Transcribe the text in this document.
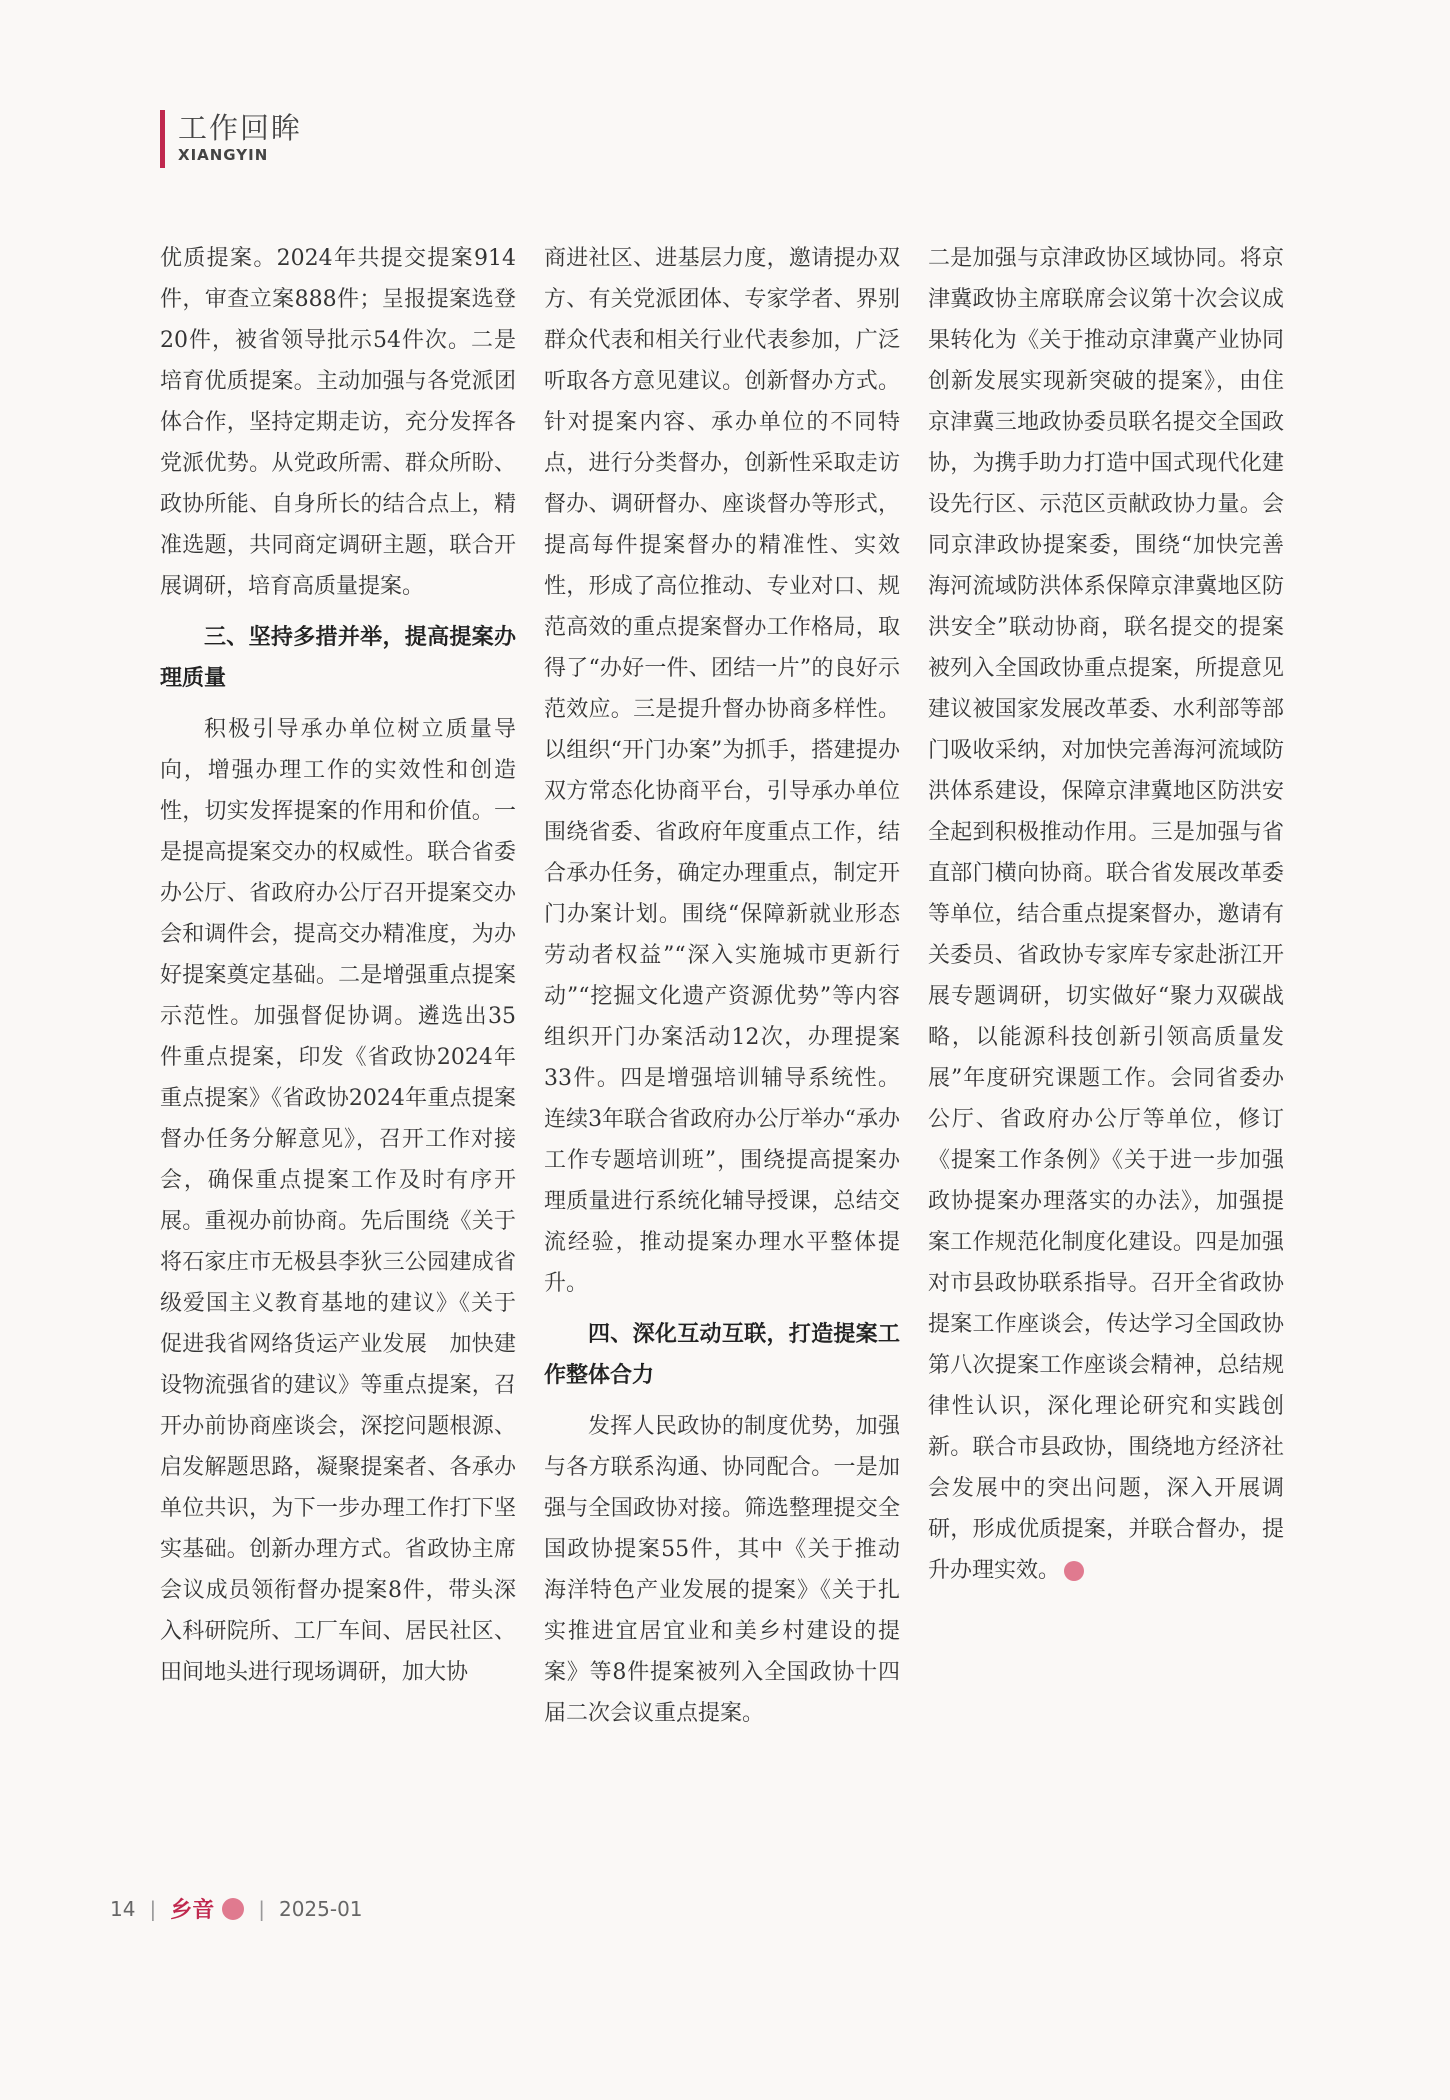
工作回眸
XIANGYIN

优质提案。2024年共提交提案914件，审查立案888件；呈报提案选登20件，被省领导批示54件次。二是培育优质提案。主动加强与各党派团体合作，坚持定期走访，充分发挥各党派优势。从党政所需、群众所盼、政协所能、自身所长的结合点上，精准选题，共同商定调研主题，联合开展调研，培育高质量提案。

三、坚持多措并举，提高提案办理质量

积极引导承办单位树立质量导向，增强办理工作的实效性和创造性，切实发挥提案的作用和价值。一是提高提案交办的权威性。联合省委办公厅、省政府办公厅召开提案交办会和调件会，提高交办精准度，为办好提案奠定基础。二是增强重点提案示范性。加强督促协调。遴选出35件重点提案，印发《省政协2024年重点提案》《省政协2024年重点提案督办任务分解意见》，召开工作对接会，确保重点提案工作及时有序开展。重视办前协商。先后围绕《关于将石家庄市无极县李狄三公园建成省级爱国主义教育基地的建议》《关于促进我省网络货运产业发展　加快建设物流强省的建议》等重点提案，召开办前协商座谈会，深挖问题根源、启发解题思路，凝聚提案者、各承办单位共识，为下一步办理工作打下坚实基础。创新办理方式。省政协主席会议成员领衔督办提案8件，带头深入科研院所、工厂车间、居民社区、田间地头进行现场调研，加大协

商进社区、进基层力度，邀请提办双方、有关党派团体、专家学者、界别群众代表和相关行业代表参加，广泛听取各方意见建议。创新督办方式。针对提案内容、承办单位的不同特点，进行分类督办，创新性采取走访督办、调研督办、座谈督办等形式，提高每件提案督办的精准性、实效性，形成了高位推动、专业对口、规范高效的重点提案督办工作格局，取得了“办好一件、团结一片”的良好示范效应。三是提升督办协商多样性。以组织“开门办案”为抓手，搭建提办双方常态化协商平台，引导承办单位围绕省委、省政府年度重点工作，结合承办任务，确定办理重点，制定开门办案计划。围绕“保障新就业形态劳动者权益”“深入实施城市更新行动”“挖掘文化遗产资源优势”等内容组织开门办案活动12次，办理提案33件。四是增强培训辅导系统性。连续3年联合省政府办公厅举办“承办工作专题培训班”，围绕提高提案办理质量进行系统化辅导授课，总结交流经验，推动提案办理水平整体提升。

四、深化互动互联，打造提案工作整体合力

发挥人民政协的制度优势，加强与各方联系沟通、协同配合。一是加强与全国政协对接。筛选整理提交全国政协提案55件，其中《关于推动海洋特色产业发展的提案》《关于扎实推进宜居宜业和美乡村建设的提案》等8件提案被列入全国政协十四届二次会议重点提案。

二是加强与京津政协区域协同。将京津冀政协主席联席会议第十次会议成果转化为《关于推动京津冀产业协同创新发展实现新突破的提案》，由住京津冀三地政协委员联名提交全国政协，为携手助力打造中国式现代化建设先行区、示范区贡献政协力量。会同京津政协提案委，围绕“加快完善海河流域防洪体系保障京津冀地区防洪安全”联动协商，联名提交的提案被列入全国政协重点提案，所提意见建议被国家发展改革委、水利部等部门吸收采纳，对加快完善海河流域防洪体系建设，保障京津冀地区防洪安全起到积极推动作用。三是加强与省直部门横向协商。联合省发展改革委等单位，结合重点提案督办，邀请有关委员、省政协专家库专家赴浙江开展专题调研，切实做好“聚力双碳战略，以能源科技创新引领高质量发展”年度研究课题工作。会同省委办公厅、省政府办公厅等单位，修订《提案工作条例》《关于进一步加强政协提案办理落实的办法》，加强提案工作规范化制度化建设。四是加强对市县政协联系指导。召开全省政协提案工作座谈会，传达学习全国政协第八次提案工作座谈会精神，总结规律性认识，深化理论研究和实践创新。联合市县政协，围绕地方经济社会发展中的突出问题，深入开展调研，形成优质提案，并联合督办，提升办理实效。

14 | 乡音 | 2025-01
